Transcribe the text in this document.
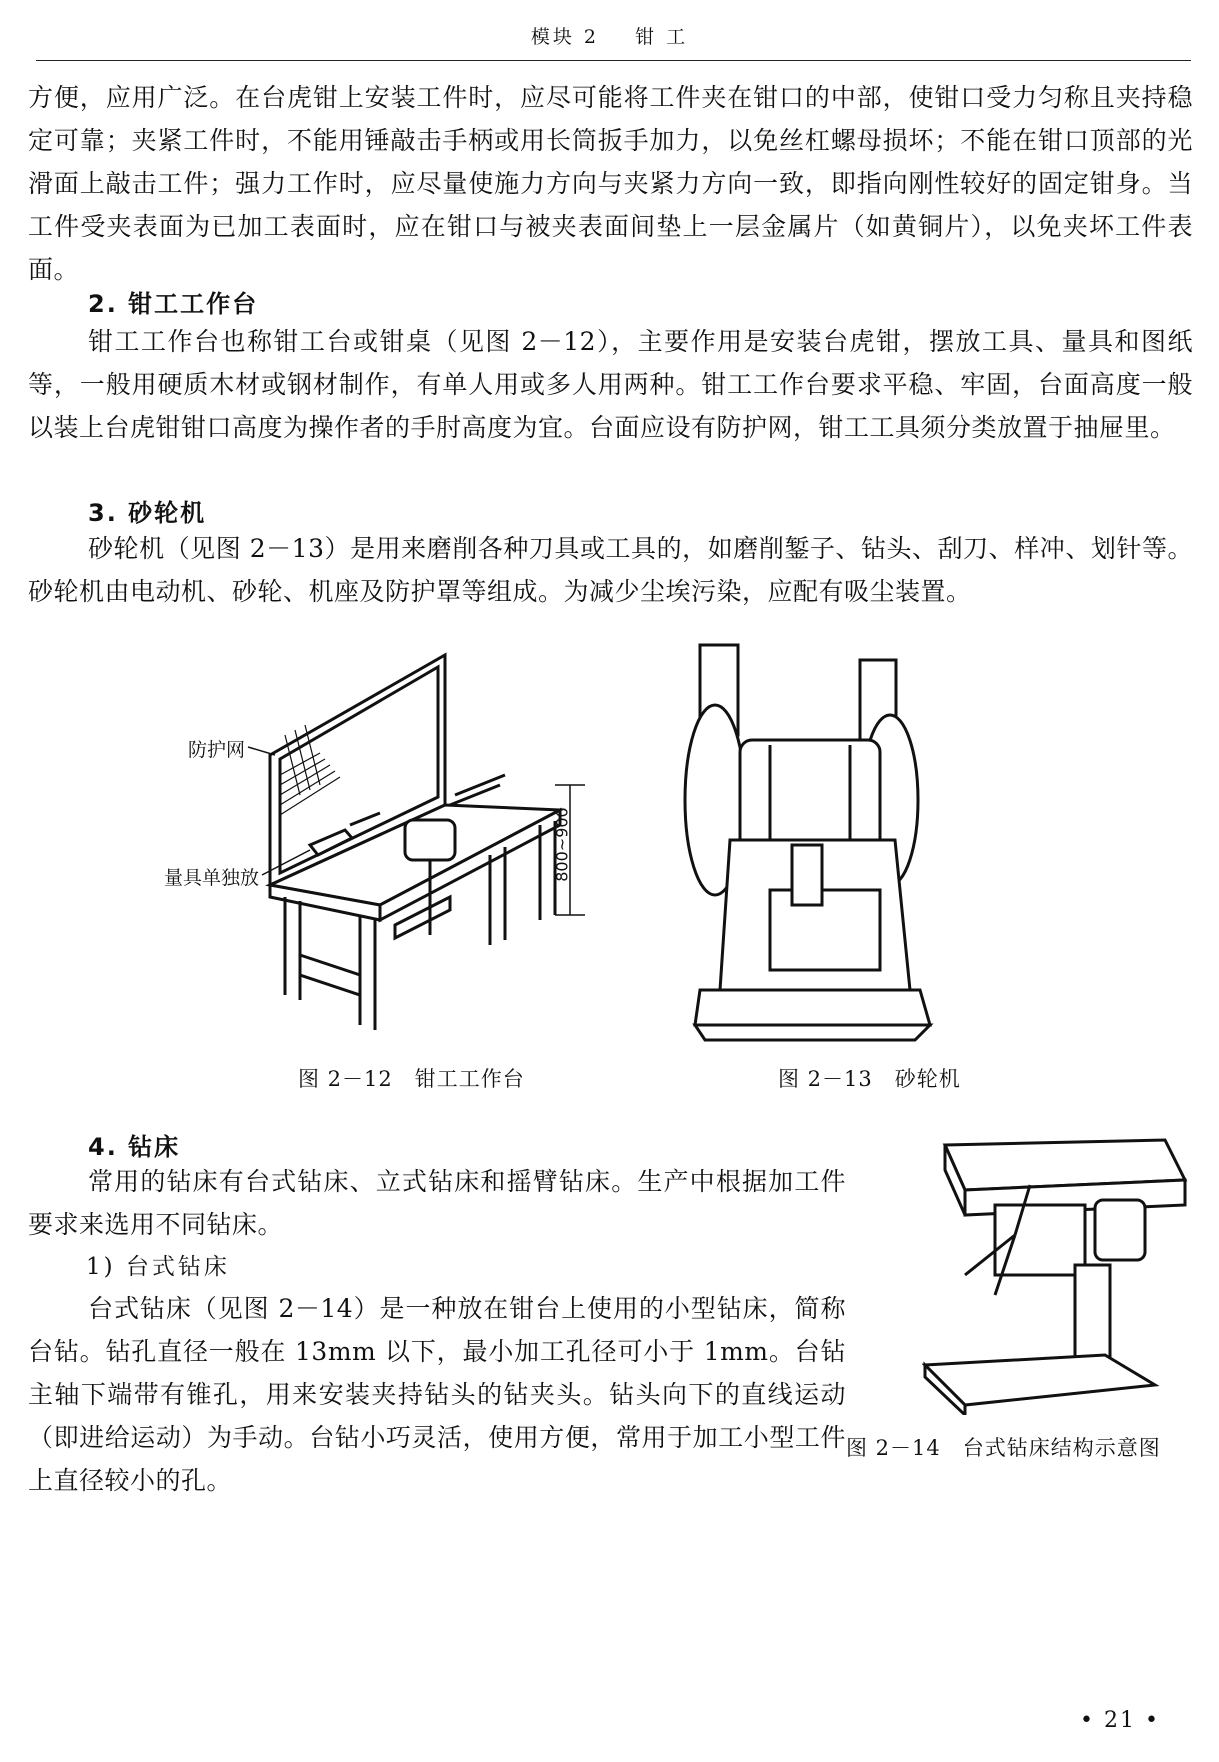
模块 2 钳 工

方便，应用广泛。在台虎钳上安装工件时，应尽可能将工件夹在钳口的中部，使钳口受力匀称且夹持稳定可靠；夹紧工件时，不能用锤敲击手柄或用长筒扳手加力，以免丝杠螺母损坏；不能在钳口顶部的光滑面上敲击工件；强力工作时，应尽量使施力方向与夹紧力方向一致，即指向刚性较好的固定钳身。当工件受夹表面为已加工表面时，应在钳口与被夹表面间垫上一层金属片（如黄铜片），以免夹坏工件表面。

2. 钳工工作台

钳工工作台也称钳工台或钳桌（见图 2－12），主要作用是安装台虎钳，摆放工具、量具和图纸等，一般用硬质木材或钢材制作，有单人用或多人用两种。钳工工作台要求平稳、牢固，台面高度一般以装上台虎钳钳口高度为操作者的手肘高度为宜。台面应设有防护网，钳工工具须分类放置于抽屉里。

3. 砂轮机

砂轮机（见图 2－13）是用来磨削各种刀具或工具的，如磨削錾子、钻头、刮刀、样冲、划针等。砂轮机由电动机、砂轮、机座及防护罩等组成。为减少尘埃污染，应配有吸尘装置。

防护网
量具单独放	800~900
图 2－12　钳工工作台	图 2－13　砂轮机
4. 钻床

常用的钻床有台式钻床、立式钻床和摇臂钻床。生产中根据加工件要求来选用不同钻床。

1) 台式钻床

台式钻床（见图 2－14）是一种放在钳台上使用的小型钻床，简称台钻。钻孔直径一般在 13mm 以下，最小加工孔径可小于 1mm。台钻主轴下端带有锥孔，用来安装夹持钻头的钻夹头。钻头向下的直线运动（即进给运动）为手动。台钻小巧灵活，使用方便，常用于加工小型工件上直径较小的孔。

图 2－14　台式钻床结构示意图
• 21 •
